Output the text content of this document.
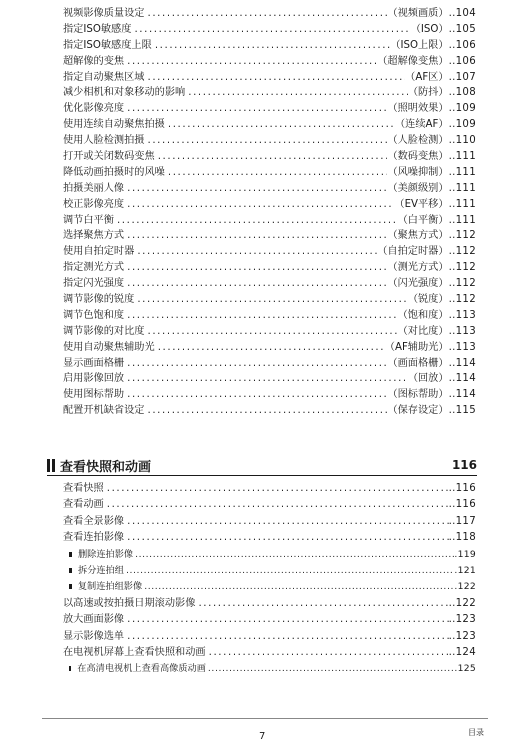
视频影像质量设定 .....	（视频画质） .. 104
指定ISO敏感度 .....	（ISO） .. 105
指定ISO敏感度上限 .....	（ISO上限） .. 106
超解像的变焦 .....	（超解像变焦） .. 106
指定自动聚焦区域 .....	（AF区） .. 107
减少相机和对象移动的影响 .....	（防抖） .. 108
优化影像亮度 .....	（照明效果） .. 109
使用连续自动聚焦拍摄 .....	（连续AF） .. 109
使用人脸检测拍摄 .....	（人脸检测） .. 110
打开或关闭数码变焦 .....	（数码变焦） .. 111
降低动画拍摄时的风噪 .....	（风噪抑制） .. 111
拍摄美丽人像 .....	（美颜级别） .. 111
校正影像亮度 .....	（EV平移） .. 111
调节白平衡 .....	（白平衡） .. 111
选择聚焦方式 .....	（聚焦方式） .. 112
使用自拍定时器 .....	（自拍定时器） .. 112
指定测光方式 .....	（测光方式） .. 112
指定闪光强度 .....	（闪光强度） .. 112
调节影像的锐度 .....	（锐度） .. 112
调节色饱和度 .....	（饱和度） .. 113
调节影像的对比度 .....	（对比度） .. 113
使用自动聚焦辅助光 .....	（AF辅助光） .. 113
显示画面格栅 .....	（画面格栅） .. 114
启用影像回放 .....	（回放） .. 114
使用图标帮助 .....	（图标帮助） .. 114
配置开机缺省设定 .....	（保存设定） .. 115
查看快照和动画	116
查看快照 .....	.. 116
查看动画 .....	.. 116
查看全景影像 .....	.. 117
查看连拍影像 .....	.. 118
删除连拍影像 .....	. 119
拆分连拍组 .....	. 121
复制连拍组影像 .....	. 122
以高速或按拍摄日期滚动影像 .....	.. 122
放大画面影像 .....	.. 123
显示影像选单 .....	.. 123
在电视机屏幕上查看快照和动画 .....	.. 124
在高清电视机上查看高像质动画 .....	. 125
7	目录
